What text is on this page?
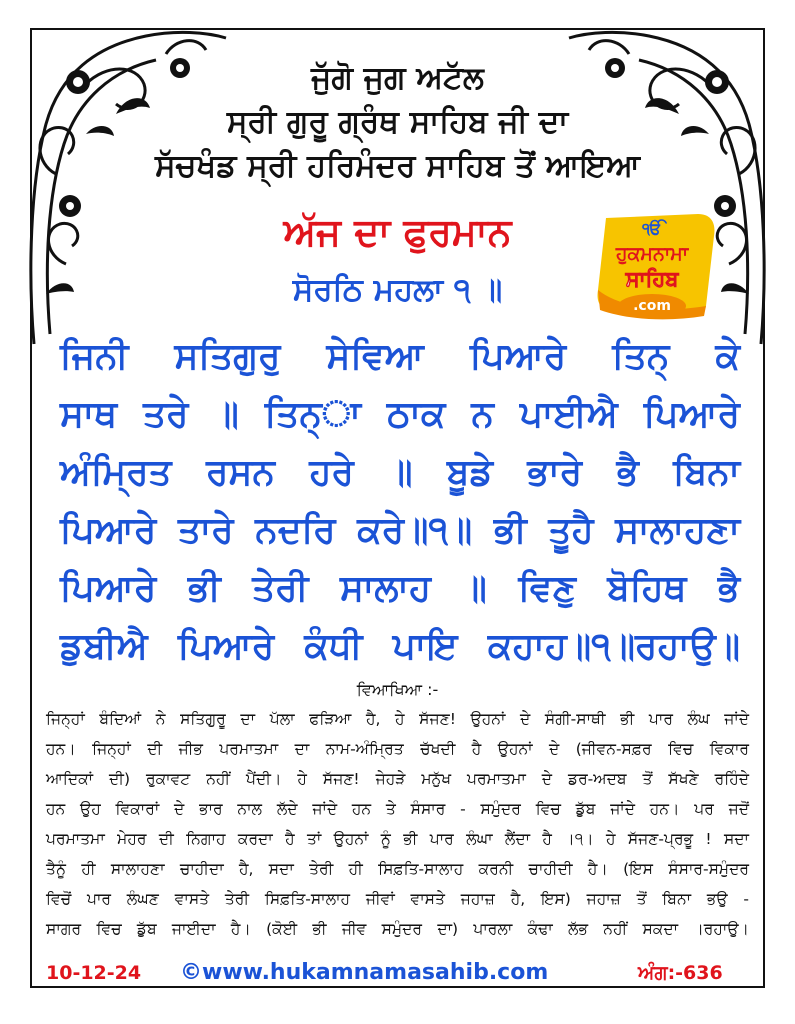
ਜੁੱਗੋ ਜੁਗ ਅਟੱਲ
ਸ੍ਰੀ ਗੁਰੂ ਗ੍ਰੰਥ ਸਾਹਿਬ ਜੀ ਦਾ
ਸੱਚਖੰਡ ਸ੍ਰੀ ਹਰਿਮੰਦਰ ਸਾਹਿਬ ਤੋਂ ਆਇਆ
ਅੱਜ ਦਾ ਫੁਰਮਾਨ
ਸੋਰਠਿ ਮਹਲਾ ੧ ॥
ੴ
ਹੁਕਮਨਾਮਾ
ਸਾਹਿਬ
.com
ਜਿਨੀ ਸਤਿਗੁਰੁ ਸੇਵਿਆ ਪਿਆਰੇ ਤਿਨ੍ ਕੇ
ਸਾਥ ਤਰੇ ॥ ਤਿਨ੍ਾ ਠਾਕ ਨ ਪਾਈਐ ਪਿਆਰੇ
ਅੰਮ੍ਰਿਤ ਰਸਨ ਹਰੇ ॥ ਬੂਡੇ ਭਾਰੇ ਭੈ ਬਿਨਾ
ਪਿਆਰੇ ਤਾਰੇ ਨਦਰਿ ਕਰੇ॥੧॥ ਭੀ ਤੂਹੈ ਸਾਲਾਹਣਾ
ਪਿਆਰੇ ਭੀ ਤੇਰੀ ਸਾਲਾਹ ॥ ਵਿਣੁ ਬੋਹਿਥ ਭੈ
ਡੁਬੀਐ ਪਿਆਰੇ ਕੰਧੀ ਪਾਇ ਕਹਾਹ॥੧॥ਰਹਾਉ॥
ਵਿਆਖਿਆ :-
ਜਿਨ੍ਹਾਂ ਬੰਦਿਆਂ ਨੇ ਸਤਿਗੁਰੂ ਦਾ ਪੱਲਾ ਫੜਿਆ ਹੈ, ਹੇ ਸੱਜਣ! ਉਹਨਾਂ ਦੇ ਸੰਗੀ-ਸਾਥੀ ਭੀ ਪਾਰ ਲੰਘ ਜਾਂਦੇ
ਹਨ। ਜਿਨ੍ਹਾਂ ਦੀ ਜੀਭ ਪਰਮਾਤਮਾ ਦਾ ਨਾਮ-ਅੰਮ੍ਰਿਤ ਚੱਖਦੀ ਹੈ ਉਹਨਾਂ ਦੇ (ਜੀਵਨ-ਸਫ਼ਰ ਵਿਚ ਵਿਕਾਰ
ਆਦਿਕਾਂ ਦੀ) ਰੁਕਾਵਟ ਨਹੀਂ ਪੈਂਦੀ। ਹੇ ਸੱਜਣ! ਜੇਹੜੇ ਮਨੁੱਖ ਪਰਮਾਤਮਾ ਦੇ ਡਰ-ਅਦਬ ਤੋਂ ਸੱਖਣੇ ਰਹਿੰਦੇ
ਹਨ ਉਹ ਵਿਕਾਰਾਂ ਦੇ ਭਾਰ ਨਾਲ ਲੱਦੇ ਜਾਂਦੇ ਹਨ ਤੇ ਸੰਸਾਰ - ਸਮੁੰਦਰ ਵਿਚ ਡੁੱਬ ਜਾਂਦੇ ਹਨ। ਪਰ ਜਦੋਂ
ਪਰਮਾਤਮਾ ਮੇਹਰ ਦੀ ਨਿਗਾਹ ਕਰਦਾ ਹੈ ਤਾਂ ਉਹਨਾਂ ਨੂੰ ਭੀ ਪਾਰ ਲੰਘਾ ਲੈਂਦਾ ਹੈ ।੧। ਹੇ ਸੱਜਣ-ਪ੍ਰਭੂ ! ਸਦਾ
ਤੈਨੂੰ ਹੀ ਸਾਲਾਹਣਾ ਚਾਹੀਦਾ ਹੈ, ਸਦਾ ਤੇਰੀ ਹੀ ਸਿਫ਼ਤਿ-ਸਾਲਾਹ ਕਰਨੀ ਚਾਹੀਦੀ ਹੈ। (ਇਸ ਸੰਸਾਰ-ਸਮੁੰਦਰ
ਵਿਚੋਂ ਪਾਰ ਲੰਘਣ ਵਾਸਤੇ ਤੇਰੀ ਸਿਫ਼ਤਿ-ਸਾਲਾਹ ਜੀਵਾਂ ਵਾਸਤੇ ਜਹਾਜ਼ ਹੈ, ਇਸ) ਜਹਾਜ਼ ਤੋਂ ਬਿਨਾ ਭਉ -
ਸਾਗਰ ਵਿਚ ਡੁੱਬ ਜਾਈਦਾ ਹੈ। (ਕੋਈ ਭੀ ਜੀਵ ਸਮੁੰਦਰ ਦਾ) ਪਾਰਲਾ ਕੰਢਾ ਲੱਭ ਨਹੀਂ ਸਕਦਾ ।ਰਹਾਉ।
10-12-24 ©www.hukamnamasahib.com	ਅੰਗ:-636
